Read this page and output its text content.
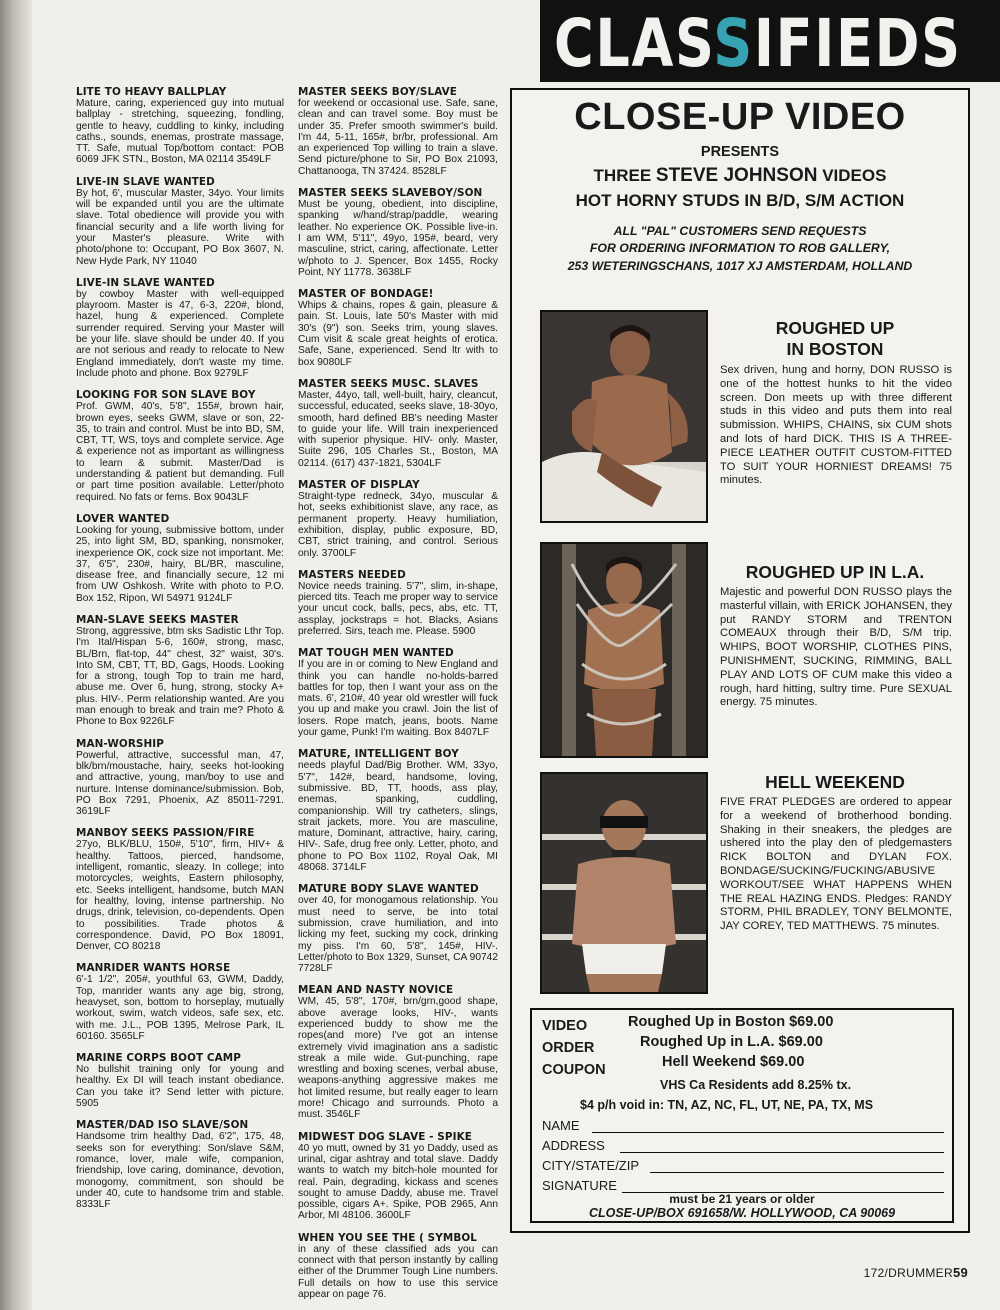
CLASSIFIEDS
LITE TO HEAVY BALLPLAY
Mature, caring, experienced guy into mutual ballplay - stretching, squeezing, fondling, gentle to heavy, cuddling to kinky, including caths., sounds, enemas, prostrate massage, TT. Safe, mutual Top/bottom contact: POB 6069 JFK STN., Boston, MA 02114 3549LF
LIVE-IN SLAVE WANTED
By hot, 6', muscular Master, 34yo. Your limits will be expanded until you are the ultimate slave. Total obedience will provide you with financial security and a life worth living for your Master's pleasure. Write with photo/phone to: Occupant, PO Box 3607, N. New Hyde Park, NY 11040
LIVE-IN SLAVE WANTED
by cowboy Master with well-equipped playroom. Master is 47, 6-3, 220#, blond, hazel, hung & experienced. Complete surrender required. Serving your Master will be your life. slave should be under 40. If you are not serious and ready to relocate to New England immediately, don't waste my time. Include photo and phone. Box 9279LF
LOOKING FOR SON SLAVE BOY
Prof. GWM, 40's, 5'8", 155#, brown hair, brown eyes, seeks GWM, slave or son, 22-35, to train and control. Must be into BD, SM, CBT, TT, WS, toys and complete service. Age & experience not as important as willingness to learn & submit. Master/Dad is understanding & patient but demanding. Full or part time position available. Letter/photo required. No fats or fems. Box 9043LF
LOVER WANTED
Looking for young, submissive bottom, under 25, into light SM, BD, spanking, nonsmoker, inexperience OK, cock size not important. Me: 37, 6'5", 230#, hairy, BL/BR, masculine, disease free, and financially secure, 12 mi from UW Oshkosh. Write with photo to P.O. Box 152, Ripon, WI 54971 9124LF
MAN-SLAVE SEEKS MASTER
Strong, aggressive, btm sks Sadistic Lthr Top. I'm Ital/Hispan 5-6, 160#, strong, masc, BL/Brn, flat-top, 44" chest, 32" waist, 30's. Into SM, CBT, TT, BD, Gags, Hoods. Looking for a strong, tough Top to train me hard, abuse me. Over 6, hung, strong, stocky A+ plus. HIV-. Perm relationship wanted. Are you man enough to break and train me? Photo & Phone to Box 9226LF
MAN-WORSHIP
Powerful, attractive, successful man, 47, blk/brn/moustache, hairy, seeks hot-looking and attractive, young, man/boy to use and nurture. Intense dominance/submission. Bob, PO Box 7291, Phoenix, AZ 85011-7291. 3619LF
MANBOY SEEKS PASSION/FIRE
27yo, BLK/BLU, 150#, 5'10", firm, HIV+ & healthy. Tattoos, pierced, handsome, intelligent, romantic, sleazy. In college; into motorcycles, weights, Eastern philosophy, etc. Seeks intelligent, handsome, butch MAN for healthy, loving, intense partnership. No drugs, drink, television, co-dependents. Open to possibilities. Trade photos & correspondence. David, PO Box 18091, Denver, CO 80218
MANRIDER WANTS HORSE
6'-1 1/2", 205#, youthful 63, GWM, Daddy, Top, manrider wants any age big, strong, heavyset, son, bottom to horseplay, mutually workout, swim, watch videos, safe sex, etc. with me. J.L., POB 1395, Melrose Park, IL 60160. 3565LF
MARINE CORPS BOOT CAMP
No bullshit training only for young and healthy. Ex DI will teach instant obediance. Can you take it? Send letter with picture. 5905
MASTER/DAD ISO SLAVE/SON
Handsome trim healthy Dad, 6'2", 175, 48, seeks son for everything: Son/slave S&M, romance, lover, male wife, companion, friendship, love caring, dominance, devotion, monogomy, commitment, son should be under 40, cute to handsome trim and stable. 8333LF
MASTER SEEKS BOY/SLAVE
for weekend or occasional use. Safe, sane, clean and can travel some. Boy must be under 35. Prefer smooth swimmer's build. I'm 44, 5-11, 165#, br/br, professional. Am an experienced Top willing to train a slave. Send picture/phone to Sir, PO Box 21093, Chattanooga, TN 37424. 8528LF
MASTER SEEKS SLAVEBOY/SON
Must be young, obedient, into discipline, spanking w/hand/strap/paddle, wearing leather. No experience OK. Possible live-in. I am WM, 5'11", 49yo, 195#, beard, very masculine, strict, caring, affectionate. Letter w/photo to J. Spencer, Box 1455, Rocky Point, NY 11778. 3638LF
MASTER OF BONDAGE!
Whips & chains, ropes & gain, pleasure & pain. St. Louis, late 50's Master with mid 30's (9") son. Seeks trim, young slaves. Cum visit & scale great heights of erotica. Safe, Sane, experienced. Send ltr with to box 9080LF
MASTER SEEKS MUSC. SLAVES
Master, 44yo, tall, well-built, hairy, cleancut, successful, educated, seeks slave, 18-30yo, smooth, hard defined BB's needing Master to guide your life. Will train inexperienced with superior physique. HIV- only. Master, Suite 296, 105 Charles St., Boston, MA 02114. (617) 437-1821, 5304LF
MASTER OF DISPLAY
Straight-type redneck, 34yo, muscular & hot, seeks exhibitionist slave, any race, as permanent property. Heavy humiliation, exhibition, display, public exposure, BD, CBT, strict training, and control. Serious only. 3700LF
MASTERS NEEDED
Novice needs training. 5'7", slim, in-shape, pierced tits. Teach me proper way to service your uncut cock, balls, pecs, abs, etc. TT, assplay, jockstraps = hot. Blacks, Asians preferred. Sirs, teach me. Please. 5900
MAT TOUGH MEN WANTED
If you are in or coming to New England and think you can handle no-holds-barred battles for top, then I want your ass on the mats. 6', 210#, 40 year old wrestler will fuck you up and make you crawl. Join the list of losers. Rope match, jeans, boots. Name your game, Punk! I'm waiting. Box 8407LF
MATURE, INTELLIGENT BOY
needs playful Dad/Big Brother. WM, 33yo, 5'7", 142#, beard, handsome, loving, submissive. BD, TT, hoods, ass play, enemas, spanking, cuddling, companionship. Will try catheters, slings, strait jackets, more. You are masculine, mature, Dominant, attractive, hairy, caring, HIV-. Safe, drug free only. Letter, photo, and phone to PO Box 1102, Royal Oak, MI 48068. 3714LF
MATURE BODY SLAVE WANTED
over 40, for monogamous relationship. You must need to serve, be into total submission, crave humiliation, and into licking my feet, sucking my cock, drinking my piss. I'm 60, 5'8", 145#, HIV-. Letter/photo to Box 1329, Sunset, CA 90742 7728LF
MEAN AND NASTY NOVICE
WM, 45, 5'8", 170#, brn/grn,good shape, above average looks, HIV-, wants experienced buddy to show me the ropes(and more) I've got an intense extremely vivid imagination ans a sadistic streak a mile wide. Gut-punching, rape wrestling and boxing scenes, verbal abuse, weapons-anything aggressive makes me hot limited resume, but really eager to learn more! Chicago and surrounds. Photo a must. 3546LF
MIDWEST DOG SLAVE - SPIKE
40 yo mutt, owned by 31 yo Daddy, used as urinal, cigar ashtray and total slave. Daddy wants to watch my bitch-hole mounted for real. Pain, degrading, kickass and scenes sought to amuse Daddy, abuse me. Travel possible, cigars A+. Spike, POB 2965, Ann Arbor, MI 48106. 3600LF
WHEN YOU SEE THE ( SYMBOL
in any of these classified ads you can connect with that person instantly by calling either of the Drummer Tough Line numbers. Full details on how to use this service appear on page 76.
CLOSE-UP VIDEO
PRESENTS
THREE STEVE JOHNSON VIDEOS
HOT HORNY STUDS IN B/D, S/M ACTION
ALL "PAL" CUSTOMERS SEND REQUESTS
FOR ORDERING INFORMATION TO ROB GALLERY,
253 WETERINGSCHANS, 1017 XJ AMSTERDAM, HOLLAND
ROUGHED UP
IN BOSTON
Sex driven, hung and horny, DON RUSSO is one of the hottest hunks to hit the video screen. Don meets up with three different studs in this video and puts them into real submission. WHIPS, CHAINS, six CUM shots and lots of hard DICK. THIS IS A THREE-PIECE LEATHER OUTFIT CUSTOM-FITTED TO SUIT YOUR HORNIEST DREAMS! 75 minutes.
ROUGHED UP IN L.A.
Majestic and powerful DON RUSSO plays the masterful villain, with ERICK JOHANSEN, they put RANDY STORM and TRENTON COMEAUX through their B/D, S/M trip. WHIPS, BOOT WORSHIP, CLOTHES PINS, PUNISHMENT, SUCKING, RIMMING, BALL PLAY AND LOTS OF CUM make this video a rough, hard hitting, sultry time. Pure SEXUAL energy. 75 minutes.
HELL WEEKEND
FIVE FRAT PLEDGES are ordered to appear for a weekend of brotherhood bonding. Shaking in their sneakers, the pledges are ushered into the play den of pledgemasters RICK BOLTON and DYLAN FOX. BONDAGE/SUCKING/FUCKING/ABUSIVE WORKOUT/SEE WHAT HAPPENS WHEN THE REAL HAZING ENDS. Pledges: RANDY STORM, PHIL BRADLEY, TONY BELMONTE, JAY COREY, TED MATTHEWS. 75 minutes.
VIDEO
ORDER
COUPON
Roughed Up in Boston $69.00
Roughed Up in L.A. $69.00
Hell Weekend $69.00
VHS Ca Residents add 8.25% tx.
$4 p/h void in: TN, AZ, NC, FL, UT, NE, PA, TX, MS
NAME
ADDRESS
CITY/STATE/ZIP
SIGNATURE
must be 21 years or older
CLOSE-UP/BOX 691658/W. HOLLYWOOD, CA 90069
172/DRUMMER59
